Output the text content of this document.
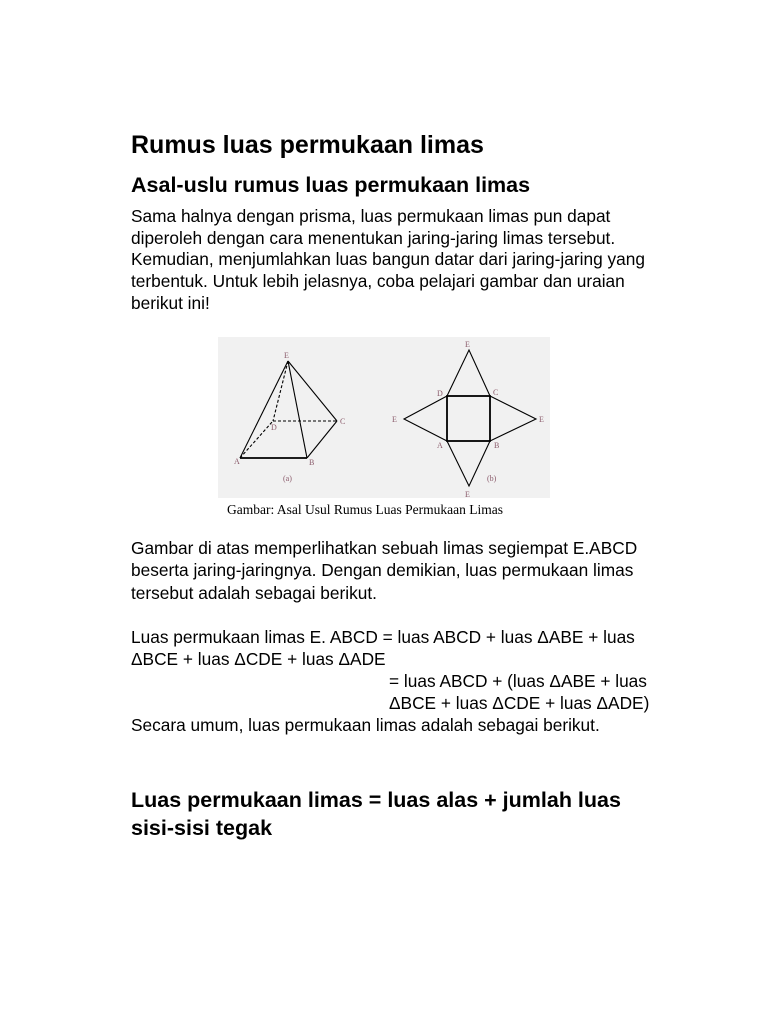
Rumus luas permukaan limas
Asal-uslu rumus luas permukaan limas

Sama halnya dengan prisma, luas permukaan limas pun dapat diperoleh dengan cara menentukan jaring-jaring limas tersebut. Kemudian, menjumlahkan luas bangun datar dari jaring-jaring yang terbentuk. Untuk lebih jelasnya, coba pelajari gambar dan uraian berikut ini!

E
D
C
A	B
(a)
E
D	C
E	E
A	B
(b)
E
Gambar: Asal Usul Rumus Luas Permukaan Limas

Gambar di atas memperlihatkan sebuah limas segiempat E.ABCD beserta jaring-jaringnya. Dengan demikian, luas permukaan limas tersebut adalah sebagai berikut.

Luas permukaan limas E. ABCD = luas ABCD + luas ΔABE + luas ΔBCE + luas ΔCDE + luas ΔADE
= luas ABCD + (luas ΔABE + luas ΔBCE + luas ΔCDE + luas ΔADE)

Secara umum, luas permukaan limas adalah sebagai berikut.

Luas permukaan limas = luas alas + jumlah luas sisi-sisi tegak
